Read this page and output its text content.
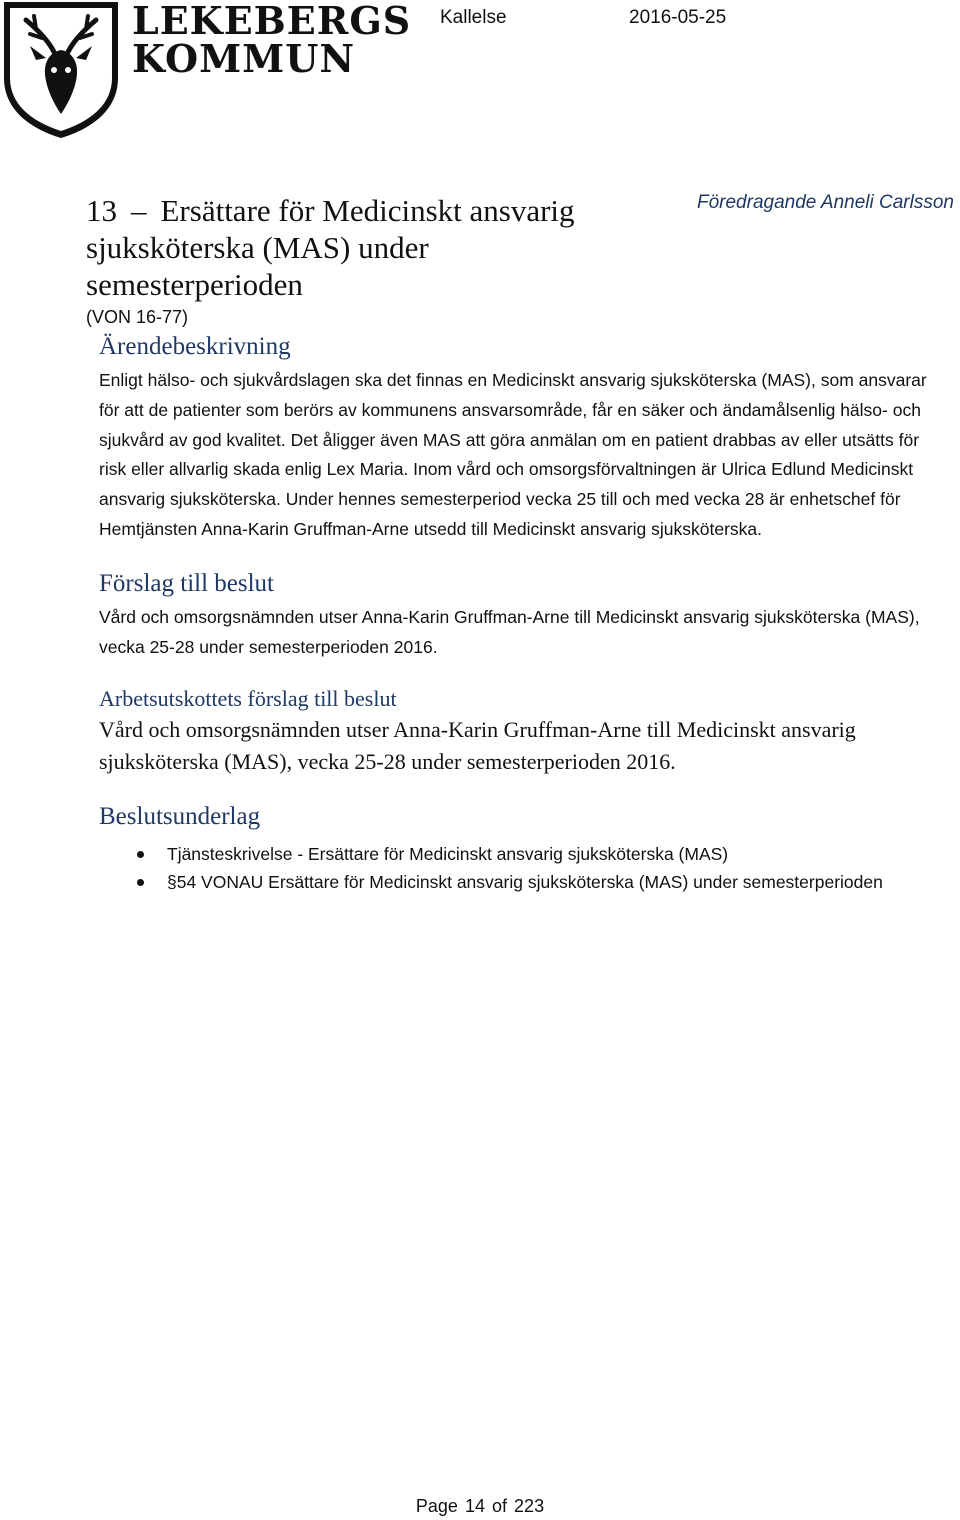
LEKEBERGS
KOMMUN
Kallelse	2016-05-25
13 – Ersättare för Medicinskt ansvarig sjuksköterska (MAS) under semesterperioden
(VON 16-77)
Föredragande Anneli Carlsson
Ärendebeskrivning

Enligt hälso- och sjukvårdslagen ska det finnas en Medicinskt ansvarig sjuksköterska (MAS), som ansvarar för att de patienter som berörs av kommunens ansvarsområde, får en säker och ändamålsenlig hälso- och sjukvård av god kvalitet. Det åligger även MAS att göra anmälan om en patient drabbas av eller utsätts för risk eller allvarlig skada enlig Lex Maria. Inom vård och omsorgsförvaltningen är Ulrica Edlund Medicinskt ansvarig sjuksköterska. Under hennes semesterperiod vecka 25 till och med vecka 28 är enhetschef för Hemtjänsten Anna-Karin Gruffman-Arne utsedd till Medicinskt ansvarig sjuksköterska.

Förslag till beslut

Vård och omsorgsnämnden utser Anna-Karin Gruffman-Arne till Medicinskt ansvarig sjuksköterska (MAS), vecka 25-28 under semesterperioden 2016.

Arbetsutskottets förslag till beslut

Vård och omsorgsnämnden utser Anna-Karin Gruffman-Arne till Medicinskt ansvarig sjuksköterska (MAS), vecka 25-28 under semesterperioden 2016.

Beslutsunderlag
Tjänsteskrivelse - Ersättare för Medicinskt ansvarig sjuksköterska (MAS)
§54 VONAU Ersättare för Medicinskt ansvarig sjuksköterska (MAS) under semesterperioden
Page 14 of 223
